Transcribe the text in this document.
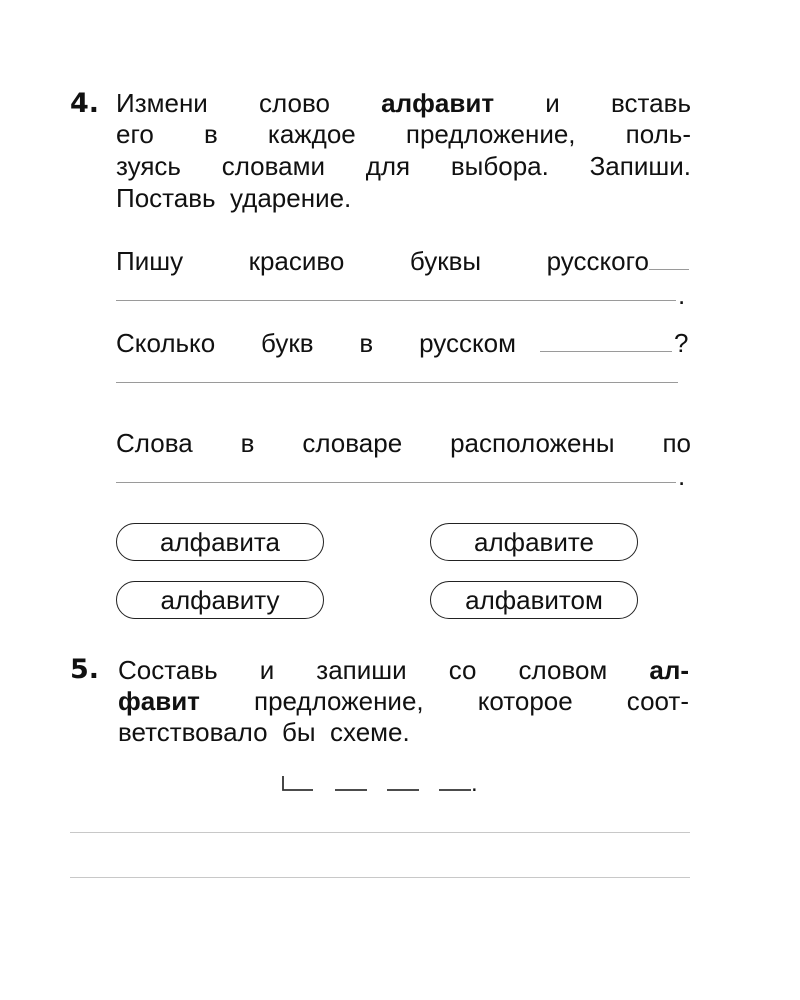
4. Измени слово алфавит и вставь
его в каждое предложение, поль-
зуясь словами для выбора. Запиши.
Поставь  ударение.
Пишу	красиво	буквы	русского
.
Сколько букв в русском	?
Слова в словаре расположены по
.
алфавита	алфавите
алфавиту	алфавитом
5. Составь и запиши со словом ал-
фавит предложение, которое соот-
ветствовало  бы  схеме.
.
